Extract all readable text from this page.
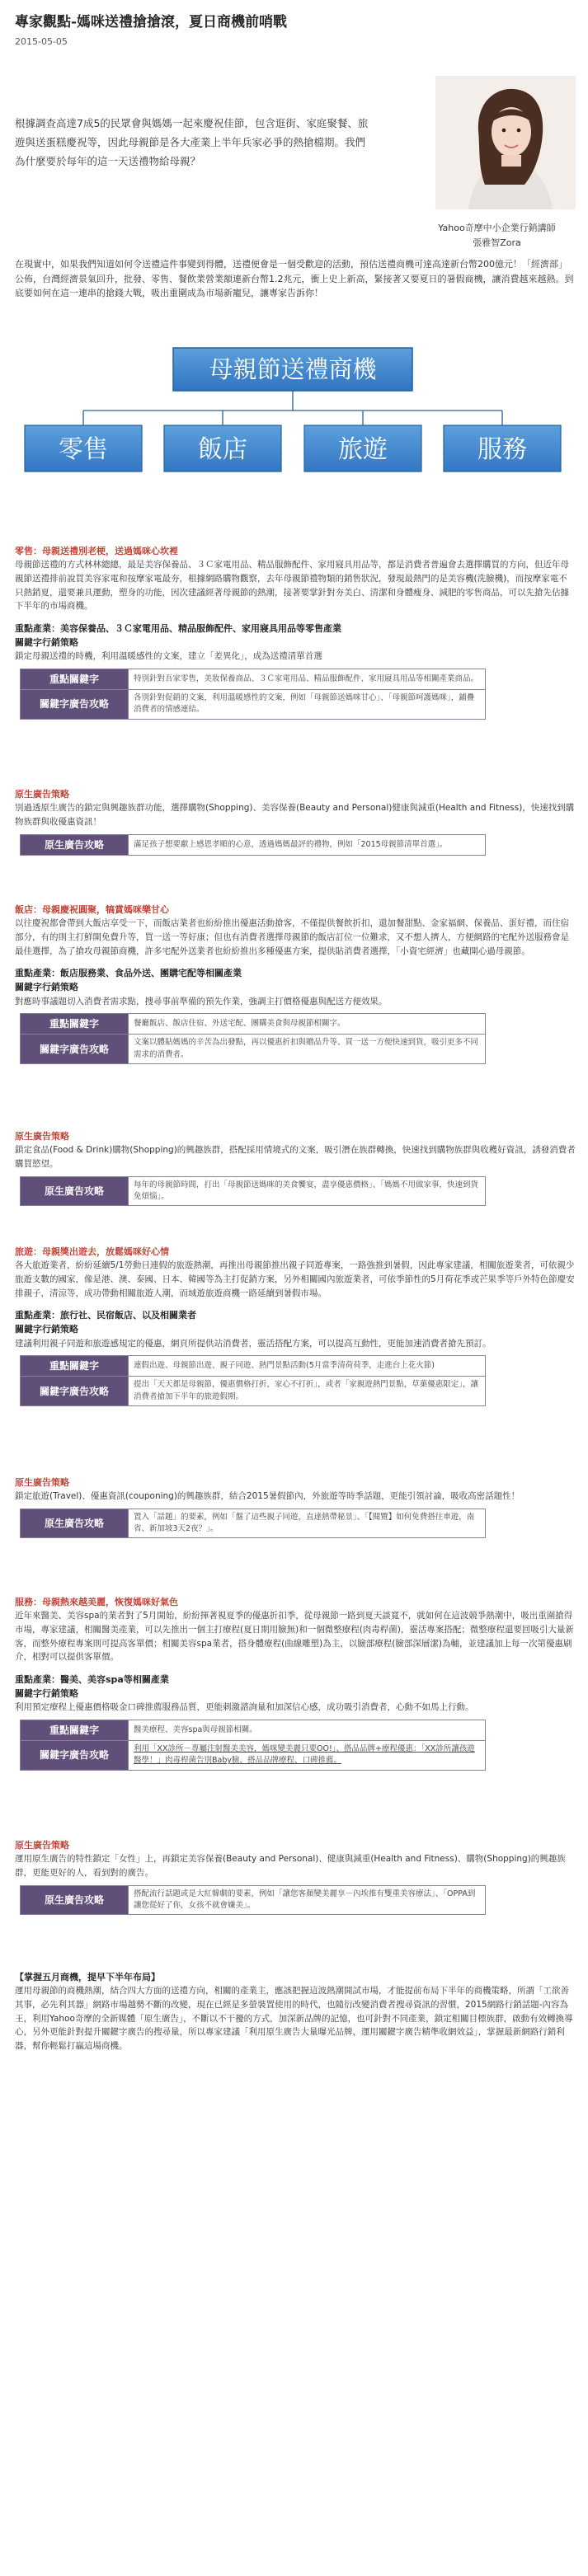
專家觀點-媽咪送禮搶搶滾，夏日商機前哨戰
2015-05-05
根據調查高達7成5的民眾會與媽媽一起來慶祝佳節，包含逛街、家庭聚餐、旅遊與送蛋糕慶祝等，因此母親節是各大產業上半年兵家必爭的熱搶檔期。我們為什麼要於每年的這一天送禮物給母親？
Yahoo奇摩中小企業行銷講師
張雅智Zora
在現實中，如果我們知道如何令送禮這件事變到得體，送禮便會是一個受歡迎的活動，預估送禮商機可達高達新台幣200億元！「經濟部」公佈，台灣經濟景氣回升，批發、零售、餐飲業營業額連新台幣1.2兆元，衝上史上新高，緊接著又要夏日的暑假商機，讓消費越來越熱。到底要如何在這一連串的搶錢大戰，吸出重圍成為市場新寵兒，讓專家告訴你！
母親節送禮商機
零售	飯店	旅遊	服務
零售：母親送禮別老梗，送過媽咪心坎裡

母親節送禮的方式林林總總，最是美容保養品、３Ｃ家電用品、精品服飾配件、家用寢具用品等，都是消費者普遍會去選擇購買的方向，但近年母親節送禮排前說買美容家電和按摩家電最夯，根據網路購物觀察，去年母親節禮物類的銷售狀況，發現最熱門的是美容機(洗臉機)，而按摩家電不只熱銷夏，還要兼具運動，塑身的功能，因次建議經著母親節的熱潮，接著要掌針對夯美白、清潔和身體瘦身、減肥的零售商品，可以先搶先佔據下半年的市場商機。

重點產業：美容保養品、３Ｃ家電用品、精品服飾配件、家用寢具用品等零售產業
關鍵字行銷策略

鎖定母親送禮的時機，利用溫暖感性的文案，建立「差異化」，成為送禮清單首選

重點關鍵字	特別針對吾家零售，美妝保養商品、３Ｃ家電用品、精品服飾配件、家用寢具用品等相關產業商品。
關鍵字廣告攻略	各別針對促銷的文案，利用溫暖感性的文案，例如「母親節送媽咪甘心」、「母親節呵護媽咪」，鋪疊消費者的情感連結。
原生廣告策略

別過透原生廣告的鎖定與興趣族群功能，選擇購物(Shopping)、美容保養(Beauty and Personal)健康與減重(Health and Fitness)，快速找到購物族群與收優惠資訊！

原生廣告攻略	滿足孩子想要獻上感恩孝順的心意，透過媽媽最評的禮物，例如「2015母親節清單首選」。
飯店：母親慶祝圓聚，犒賞媽咪樂甘心

以往慶祝都會帶到大飯店享受一下，而飯店業者也紛紛推出優惠活動搶客，不僅提供餐飲折扣，還加餐甜點、金家福網、保養品、蛋好禮，而住宿部分，有的則主打鮮開免費升等，買一送一等好康；但也有消費者選擇母親節的飯店訂位一位難求，又不想人擠人，方便網路的宅配外送服務會是最佳選擇，為了搶攻母親節商機，許多宅配外送業者也紛紛推出多種優惠方案，提供貼消費者選擇，「小資宅經濟」也藏開心過母親節。

重點產業：飯店服務業、食品外送、團購宅配等相關產業
關鍵字行銷策略

對應時事議題切入消費者需求點，搜尋事前準備的預先作業，強調主打價格優惠與配送方便效果。

重點關鍵字	餐廳飯店、飯店住宿、外送宅配、團購美食與母親節相關字。
關鍵字廣告攻略	文案以體貼媽媽的辛苦為出發點，再以優惠折扣與贈品升等、買一送一方便快速到貨，吸引更多不同需求的消費者。
原生廣告策略

鎖定食品(Food & Drink)購物(Shopping)的興趣族群，搭配採用情境式的文案，吸引潛在族群轉換，快速找到購物族群與收穫好資訊，誘發消費者購買慾望。

原生廣告攻略	每年的母親節時間，打出「母親節送媽咪的美食饗宴，盡享優惠價格」、「媽媽不用做家事，快速到貨免煩惱」。
旅遊：母親獎出遊去，放鬆媽咪好心情

各大旅遊業者，紛紛延續5/1勞動日連假的旅遊熱潮，再推出母親節推出親子同遊專案，一路強推到暑假，因此專家建議，相關旅遊業者，可依親少旅遊支數的國家，像是港、澳、泰國、日本、韓國等為主打促銷方案，另外相關國內旅遊業者，可依季節性的5月荷花季或芒果季等戶外特色節慶安排親子，清涼等，成功帶動相關旅遊人潮，而域遊旅遊商機一路延續到暑假市場。

重點產業：旅行社、民宿飯店、以及相關業者
關鍵字行銷策略

建議利用親子同遊和旅遊感規定的優惠，網頁所提供站消費者，靈活搭配方案，可以提高互動性，更能加速消費者搶先預訂。

重點關鍵字	連假出遊、母親節出遊、親子同遊、熱門景點活動(5月當季清荷荷季，走進台上花火節)
關鍵字廣告攻略	提出「天天都是母親節，優惠價格打折，家心不打折」，或者「家親遊熱門景點，草菓優惠限定」，讓消費者搶加下半年的旅遊假期。
原生廣告策略

鎖定旅遊(Travel)、優惠資訊(couponing)的興趣族群，結合2015暑假節內，外旅遊等時季話題，更能引領討論，吸收高密話題性！

原生廣告攻略	置入「話題」的要素，例如「盤了這些親子同遊，直達熱帶秘景」、「【閱覽】如何免費搭往車遊，南省、新加坡3天2夜？」。
服務：母親熱來越美麗，恢復媽咪好氣色

近年來醫美、美容spa的業者對了5月開始，紛紛揮著視夏季的優惠折扣季，從母親節一路到夏天談寬不，就如何在這波競爭熱潮中，吸出重圍搶得市場，專家建議，相關醫美產業，可以先推出一個主打療程(夏日期用臉無)和一個微整療程(肉毒桿菌)，靈活專案搭配；微整療程還要回吸引大量新客，而整外療程專案則可提高客單價；相關美容spa業者，搭身體療程(曲線雕塑)為主，以臉部療程(臉部深層潔)為輔，並建議加上每一次第優惠刷介，相對可以提供客單價。

重點產業：醫美、美容spa等相關產業
關鍵字行銷策略

利用預定療程上優惠價格吸金口碑推薦服務品質，更能刺激諮詢量和加深信心感，成功吸引消費者，心動不如馬上行動。

重點關鍵字	醫美療程、美容spa與母親節相關。
關鍵字廣告攻略	利用「XX診所－專屬注射醫美美容，媽咪變美麗只要OO!」、搭品品牌+療程優惠：「XX診所讓孩遊醫學！」肉毒桿菌告別Baby臉，搭品品牌療程、口碑推薦。
原生廣告策略

運用原生廣告的特性鎖定「女性」上，再鎖定美容保養(Beauty and Personal)、健康與減重(Health and Fitness)、購物(Shopping)的興趣族群，更能更好的人，看到對的廣告。

原生廣告攻略	搭配流行話題或是大紅韓劇的要素，例如「讓您客顏變美麗享－內埃推有雙重美容療法」、「OPPA到讓您從好了你，女孩不就會嫌美」。
【掌握五月商機，提早下半年布局】

運用母親節的商機熱潮，結合四大方面的送禮方向，相關的產業主，應該把握這波熱潮開試市場，才能提前布局下半年的商機策略，所謂「工欲善其事，必先利其器」網路市場越勢不斷的改變，現在已經是多螢裝置使用的時代，也隨衍改變消費者搜尋資訊的習慣，2015網路行銷話題-內容為王，利用Yahoo奇摩的全新媒體「原生廣告」，不斷以不干擾的方式，加深新品牌的記憶，也可針對不同產業，鎖定相關目標族群，啟動有效轉換導心，另外更能針對提升關鍵字廣告的搜尋量，所以專家建議「利用原生廣告大量曝光品牌，運用關鍵字廣告精準收網效益」，掌握最新網路行銷利器，幫你輕鬆打贏這場商機。
